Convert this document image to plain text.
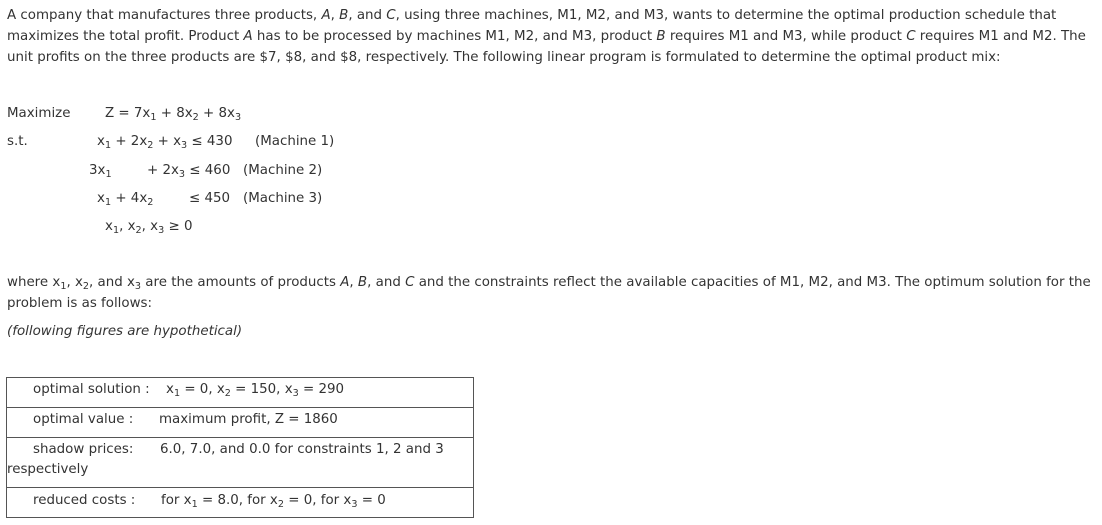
A company that manufactures three products, A, B, and C, using three machines, M1, M2, and M3, wants to determine the optimal production schedule that maximizes the total profit. Product A has to be processed by machines M1, M2, and M3, product B requires M1 and M3, while product C requires M1 and M2. The unit profits on the three products are $7, $8, and $8, respectively. The following linear program is formulated to determine the optimal product mix:

Maximize	$Z = 7x_1 + 8x_2 + 8x_3$
s.t.	$x_1 + 2x_2 + x_3 \le 430$ (Machine 1)
$3x_1$	+ $2x_3 \le 460$ (Machine 2)
$x_1 + 4x_2$	≤ 450 (Machine 3)
$x_1$, $x_2$, $x_3 \ge 0$

where $x_1$, $x_2$, and $x_3$ are the amounts of products A, B, and C and the constraints reflect the available capacities of M1, M2, and M3. The optimum solution for the problem is as follows:

(following figures are hypothetical)

optimal solution : $x_1 = 0$, $x_2 = 150$, $x_3 = 290$
optimal value : maximum profit, Z = 1860
shadow prices: 6.0, 7.0, and 0.0 for constraints 1, 2 and 3
respectively
reduced costs : for $x_1 = 8.0$, for $x_2 = 0$, for $x_3 = 0$
